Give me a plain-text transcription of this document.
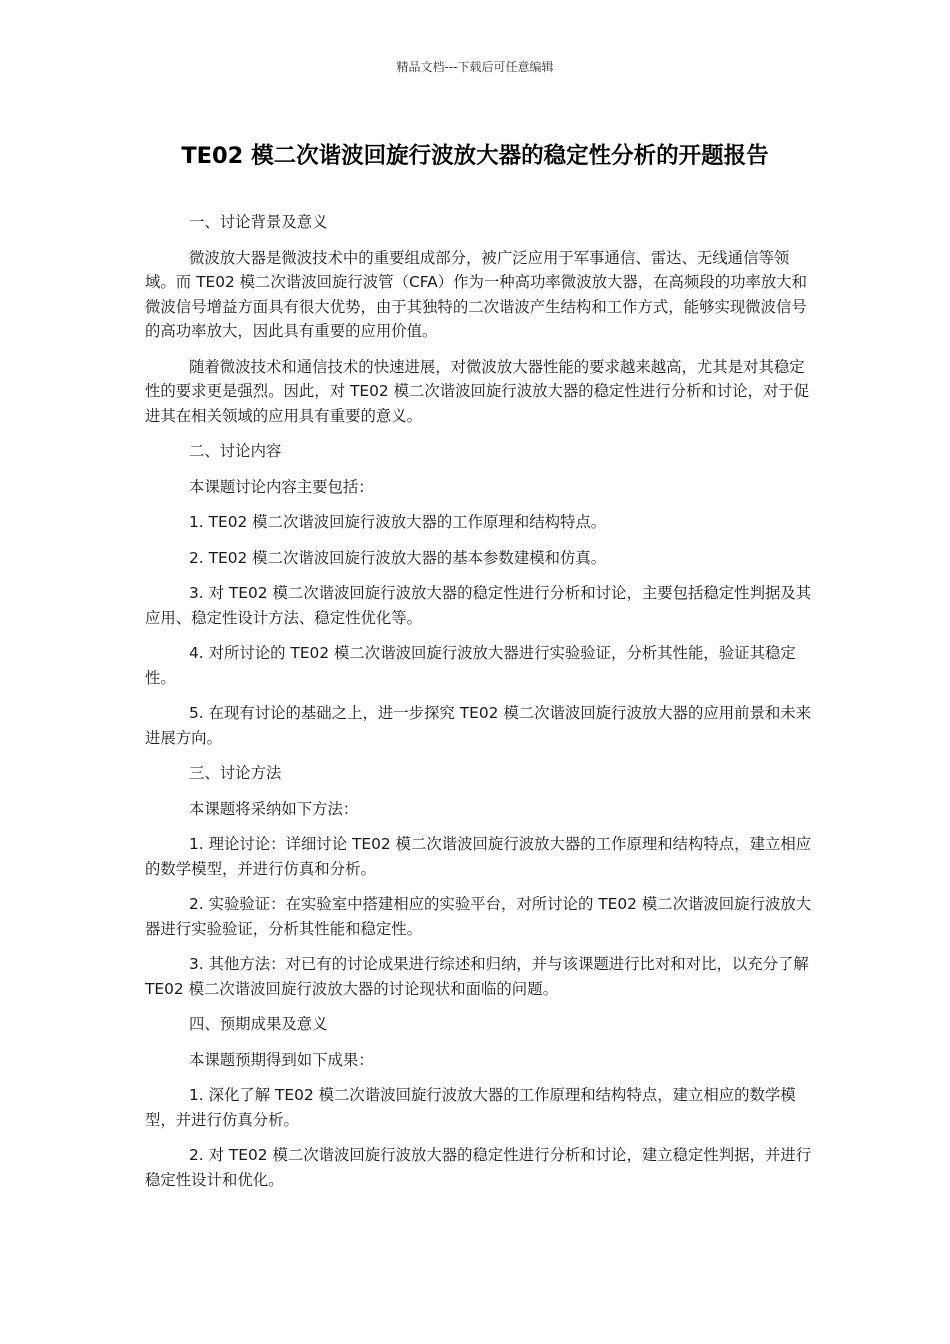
精品文档---下载后可任意编辑
TE02 模二次谐波回旋行波放大器的稳定性分析的开题报告

一、讨论背景及意义

微波放大器是微波技术中的重要组成部分，被广泛应用于军事通信、雷达、无线通信等领域。而 TE02 模二次谐波回旋行波管（CFA）作为一种高功率微波放大器，在高频段的功率放大和微波信号增益方面具有很大优势，由于其独特的二次谐波产生结构和工作方式，能够实现微波信号的高功率放大，因此具有重要的应用价值。

随着微波技术和通信技术的快速进展，对微波放大器性能的要求越来越高，尤其是对其稳定性的要求更是强烈。因此，对 TE02 模二次谐波回旋行波放大器的稳定性进行分析和讨论，对于促进其在相关领域的应用具有重要的意义。

二、讨论内容

本课题讨论内容主要包括：

1. TE02 模二次谐波回旋行波放大器的工作原理和结构特点。

2. TE02 模二次谐波回旋行波放大器的基本参数建模和仿真。

3. 对 TE02 模二次谐波回旋行波放大器的稳定性进行分析和讨论，主要包括稳定性判据及其应用、稳定性设计方法、稳定性优化等。

4. 对所讨论的 TE02 模二次谐波回旋行波放大器进行实验验证，分析其性能，验证其稳定性。

5. 在现有讨论的基础之上，进一步探究 TE02 模二次谐波回旋行波放大器的应用前景和未来进展方向。

三、讨论方法

本课题将采纳如下方法：

1. 理论讨论：详细讨论 TE02 模二次谐波回旋行波放大器的工作原理和结构特点，建立相应的数学模型，并进行仿真和分析。

2. 实验验证：在实验室中搭建相应的实验平台，对所讨论的 TE02 模二次谐波回旋行波放大器进行实验验证，分析其性能和稳定性。

3. 其他方法：对已有的讨论成果进行综述和归纳，并与该课题进行比对和对比，以充分了解 TE02 模二次谐波回旋行波放大器的讨论现状和面临的问题。

四、预期成果及意义

本课题预期得到如下成果：

1. 深化了解 TE02 模二次谐波回旋行波放大器的工作原理和结构特点，建立相应的数学模型，并进行仿真分析。

2. 对 TE02 模二次谐波回旋行波放大器的稳定性进行分析和讨论，建立稳定性判据，并进行稳定性设计和优化。
